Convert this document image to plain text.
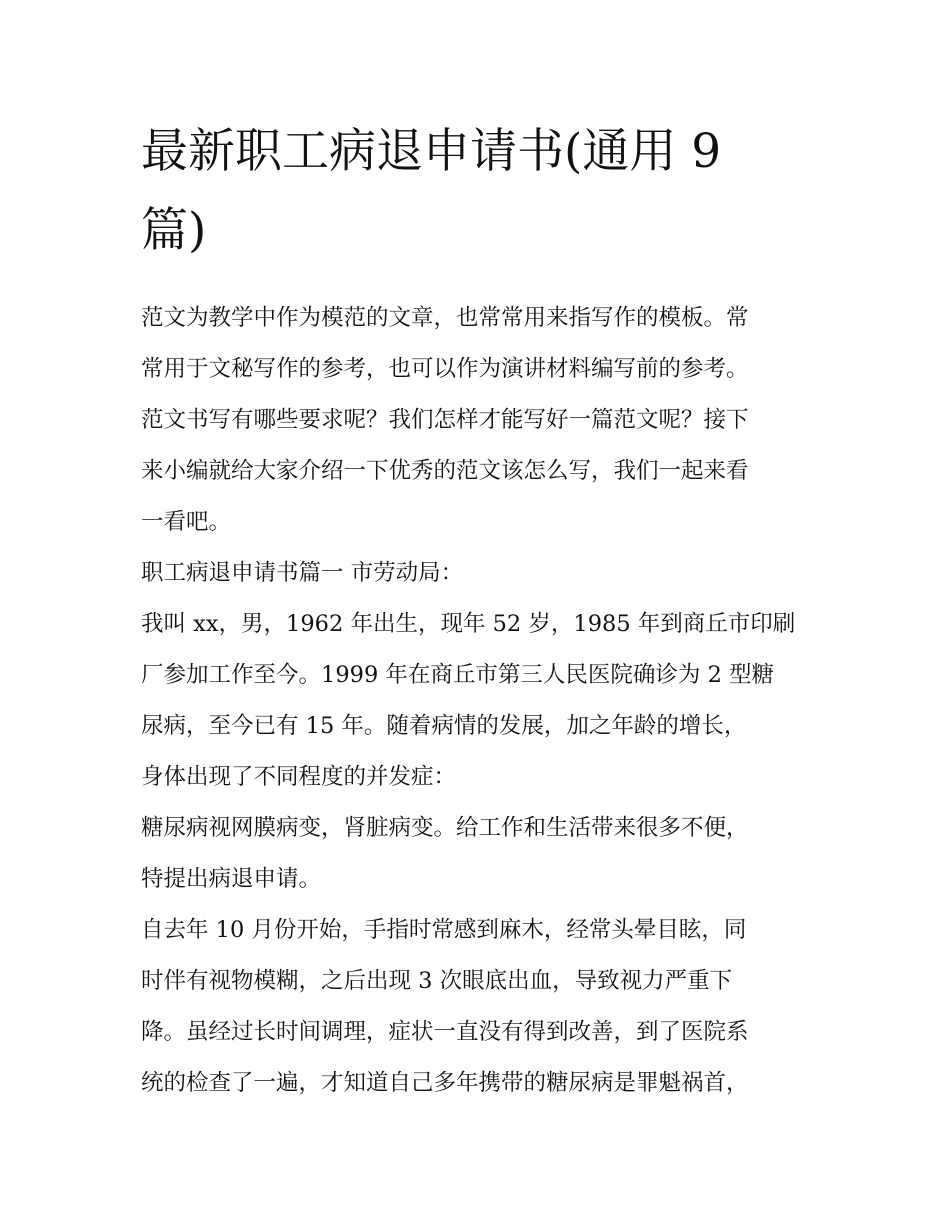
最新职工病退申请书(通用 9 篇)

范文为教学中作为模范的文章，也常常用来指写作的模板。常

常用于文秘写作的参考，也可以作为演讲材料编写前的参考。

范文书写有哪些要求呢？我们怎样才能写好一篇范文呢？接下

来小编就给大家介绍一下优秀的范文该怎么写，我们一起来看

一看吧。

职工病退申请书篇一 市劳动局：

我叫 xx，男，1962 年出生，现年 52 岁，1985 年到商丘市印刷

厂参加工作至今。1999 年在商丘市第三人民医院确诊为 2 型糖

尿病，至今已有 15 年。随着病情的发展，加之年龄的增长，

身体出现了不同程度的并发症：

糖尿病视网膜病变，肾脏病变。给工作和生活带来很多不便，

特提出病退申请。

自去年 10 月份开始，手指时常感到麻木，经常头晕目眩，同

时伴有视物模糊，之后出现 3 次眼底出血，导致视力严重下

降。虽经过长时间调理，症状一直没有得到改善，到了医院系

统的检查了一遍，才知道自己多年携带的糖尿病是罪魁祸首，
